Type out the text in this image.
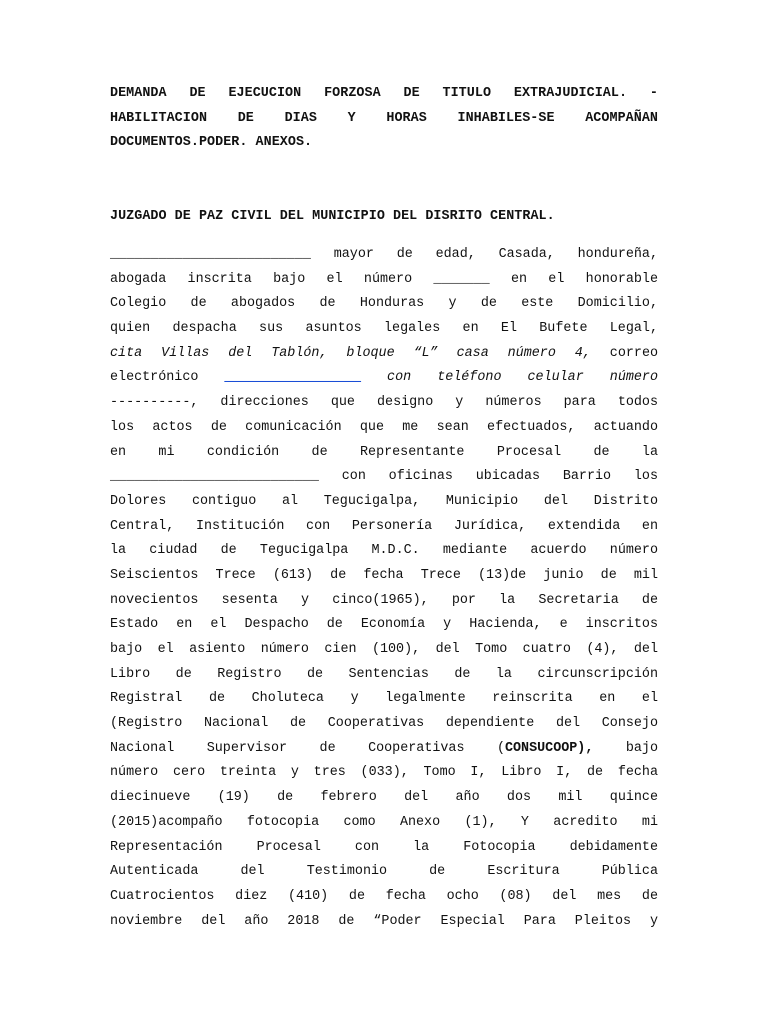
DEMANDA DE EJECUCION FORZOSA DE TITULO EXTRAJUDICIAL. -
HABILITACION DE DIAS Y HORAS INHABILES-SE ACOMPAÑAN
DOCUMENTOS.PODER. ANEXOS.
JUZGADO DE PAZ CIVIL DEL MUNICIPIO DEL DISRITO CENTRAL.
_________________________ mayor de edad, Casada, hondureña,
abogada inscrita bajo el número _______ en el honorable
Colegio de abogados de Honduras y de este Domicilio,
quien despacha sus asuntos legales en El Bufete Legal,
cita Villas del Tablón, bloque “L” casa número 4, correo
electrónico _________________ con teléfono celular número
----------, direcciones que designo y números para todos
los actos de comunicación que me sean efectuados, actuando
en mi condición de Representante Procesal de la
__________________________ con oficinas ubicadas Barrio los
Dolores contiguo al Tegucigalpa, Municipio del Distrito
Central, Institución con Personería Jurídica, extendida en
la ciudad de Tegucigalpa M.D.C. mediante acuerdo número
Seiscientos Trece (613) de fecha Trece (13)de junio de mil
novecientos sesenta y cinco(1965), por la Secretaria de
Estado en el Despacho de Economía y Hacienda, e inscritos
bajo el asiento número cien (100), del Tomo cuatro (4), del
Libro de Registro de Sentencias de la circunscripción
Registral de Choluteca y legalmente reinscrita en el
(Registro Nacional de Cooperativas dependiente del Consejo
Nacional Supervisor de Cooperativas (CONSUCOOP), bajo
número cero treinta y tres (033), Tomo I, Libro I, de fecha
diecinueve (19) de febrero del año dos mil quince
(2015)acompaño fotocopia como Anexo (1), Y acredito mi
Representación Procesal con la Fotocopia debidamente
Autenticada del Testimonio de Escritura Pública
Cuatrocientos diez (410) de fecha ocho (08) del mes de
noviembre del año 2018 de “Poder Especial Para Pleitos y
